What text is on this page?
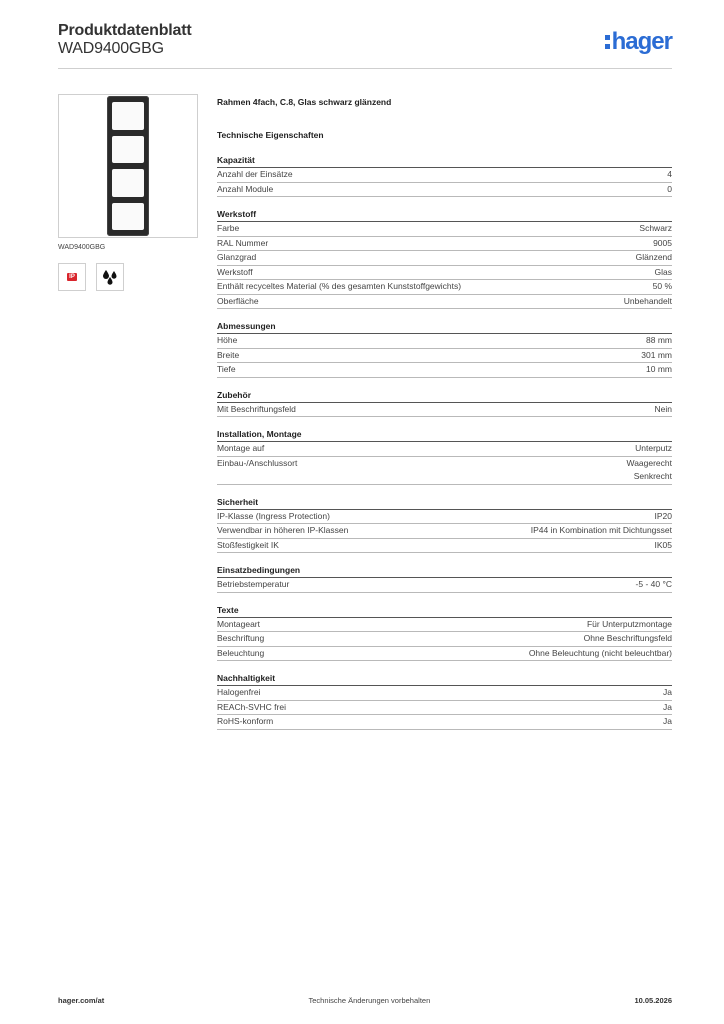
Produktdatenblatt
WAD9400GBG	hager
WAD9400GBG
IP
Rahmen 4fach, C.8, Glas schwarz glänzend
Technische Eigenschaften
Kapazität
Anzahl der Einsätze	4
Anzahl Module	0
Werkstoff
Farbe	Schwarz
RAL Nummer	9005
Glanzgrad	Glänzend
Werkstoff	Glas
Enthält recyceltes Material (% des gesamten Kunststoffgewichts)	50 %
Oberfläche	Unbehandelt
Abmessungen
Höhe	88 mm
Breite	301 mm
Tiefe	10 mm
Zubehör
Mit Beschriftungsfeld	Nein
Installation, Montage
Montage auf	Unterputz
Einbau-/Anschlussort	Waagerecht
Senkrecht
Sicherheit
IP-Klasse (Ingress Protection)	IP20
Verwendbar in höheren IP-Klassen	IP44 in Kombination mit Dichtungsset
Stoßfestigkeit IK	IK05
Einsatzbedingungen
Betriebstemperatur	-5 - 40 °C
Texte
Montageart	Für Unterputzmontage
Beschriftung	Ohne Beschriftungsfeld
Beleuchtung	Ohne Beleuchtung (nicht beleuchtbar)
Nachhaltigkeit
Halogenfrei	Ja
REACh-SVHC frei	Ja
RoHS-konform	Ja
hager.com/at	Technische Änderungen vorbehalten	10.05.2026
